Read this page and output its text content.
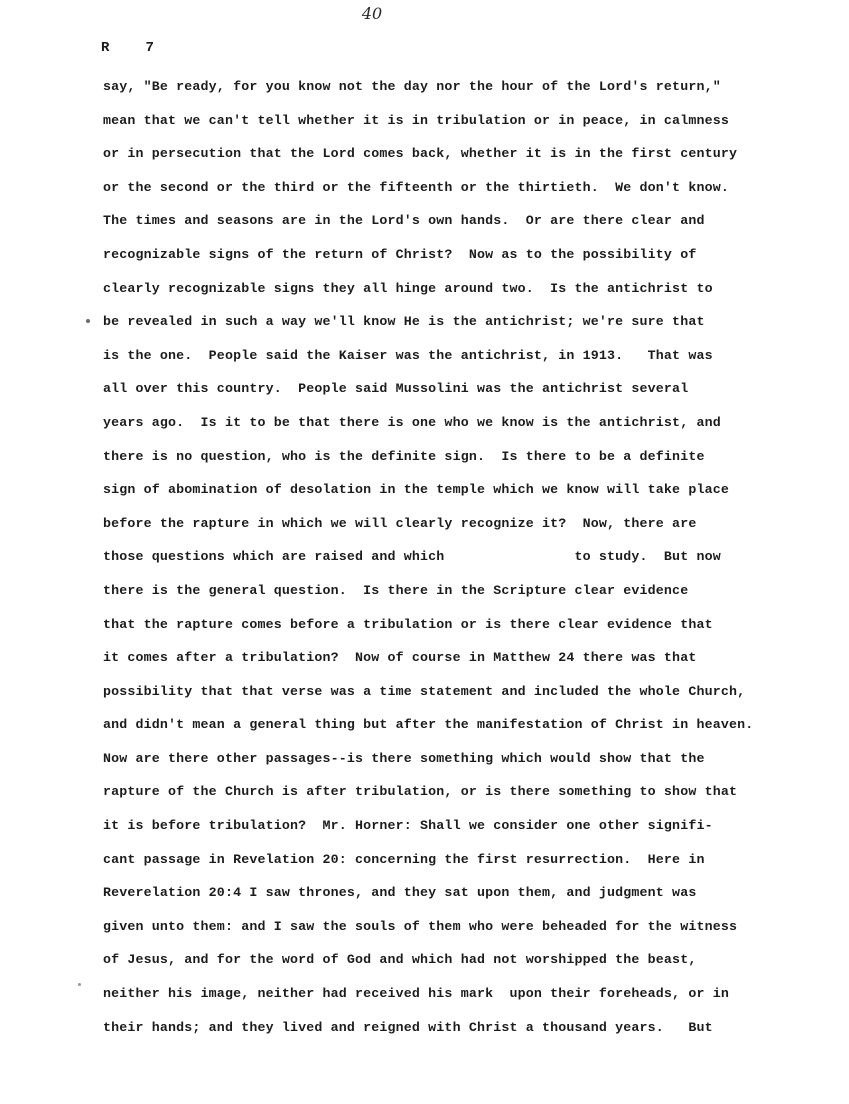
40
R    7
say, "Be ready, for you know not the day nor the hour of the Lord's return,"
mean that we can't tell whether it is in tribulation or in peace, in calmness
or in persecution that the Lord comes back, whether it is in the first century
or the second or the third or the fifteenth or the thirtieth.  We don't know.
The times and seasons are in the Lord's own hands.  Or are there clear and
recognizable signs of the return of Christ?  Now as to the possibility of
clearly recognizable signs they all hinge around two.  Is the antichrist to
be revealed in such a way we'll know He is the antichrist; we're sure that
is the one.  People said the Kaiser was the antichrist, in 1913.   That was
all over this country.  People said Mussolini was the antichrist several
years ago.  Is it to be that there is one who we know is the antichrist, and
there is no question, who is the definite sign.  Is there to be a definite
sign of abomination of desolation in the temple which we know will take place
before the rapture in which we will clearly recognize it?  Now, there are
those questions which are raised and which                to study.  But now
there is the general question.  Is there in the Scripture clear evidence
that the rapture comes before a tribulation or is there clear evidence that
it comes after a tribulation?  Now of course in Matthew 24 there was that
possibility that that verse was a time statement and included the whole Church,
and didn't mean a general thing but after the manifestation of Christ in heaven.
Now are there other passages--is there something which would show that the
rapture of the Church is after tribulation, or is there something to show that
it is before tribulation?  Mr. Horner: Shall we consider one other signifi-
cant passage in Revelation 20: concerning the first resurrection.  Here in
Reverelation 20:4 I saw thrones, and they sat upon them, and judgment was
given unto them: and I saw the souls of them who were beheaded for the witness
of Jesus, and for the word of God and which had not worshipped the beast,
neither his image, neither had received his mark  upon their foreheads, or in
their hands; and they lived and reigned with Christ a thousand years.   But
